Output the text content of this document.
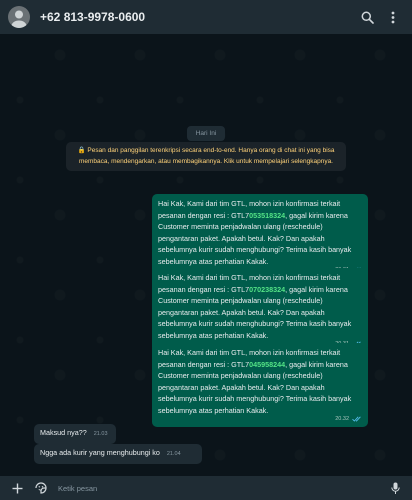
+62 813-9978-0600
Hari Ini
🔒 Pesan dan panggilan terenkripsi secara end-to-end. Hanya orang di chat ini yang bisa membaca, mendengarkan, atau membagikannya. Klik untuk mempelajari selengkapnya.
Hai Kak, Kami dari tim GTL, mohon izin konfirmasi terkait pesanan dengan resi : GTL7053518324, gagal kirim karena Customer meminta penjadwalan ulang (reschedule) pengantaran paket. Apakah betul. Kak? Dan apakah sebelumnya kurir sudah menghubungi? Terima kasih banyak sebelumnya atas perhatian Kakak.
Hai Kak, Kami dari tim GTL, mohon izin konfirmasi terkait pesanan dengan resi : GTL7070238324, gagal kirim karena Customer meminta penjadwalan ulang (reschedule) pengantaran paket. Apakah betul. Kak? Dan apakah sebelumnya kurir sudah menghubungi? Terima kasih banyak sebelumnya atas perhatian Kakak.
Hai Kak, Kami dari tim GTL, mohon izin konfirmasi terkait pesanan dengan resi : GTL7045958244, gagal kirim karena Customer meminta penjadwalan ulang (reschedule) pengantaran paket. Apakah betul. Kak? Dan apakah sebelumnya kurir sudah menghubungi? Terima kasih banyak sebelumnya atas perhatian Kakak.
20.32
Maksud nya?? 21.03
Ngga ada kurir yang menghubungi ko 21.04
Ketik pesan
